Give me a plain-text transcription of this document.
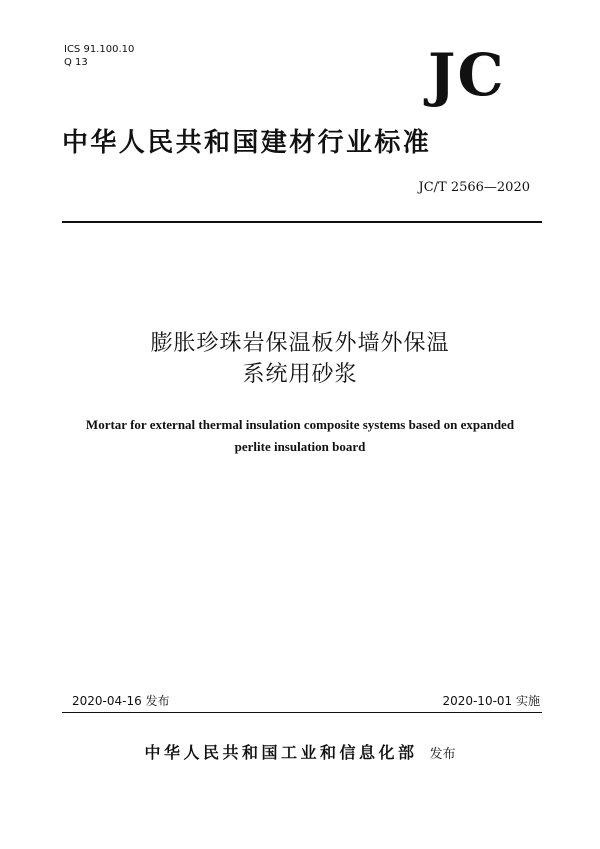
ICS 91.100.10
Q 13	JC
中华人民共和国建材行业标准
JC/T 2566—2020
膨胀珍珠岩保温板外墙外保温
系统用砂浆
Mortar for external thermal insulation composite systems based on expanded
perlite insulation board
2020-04-16 发布	2020-10-01 实施
中华人民共和国工业和信息化部 发布
